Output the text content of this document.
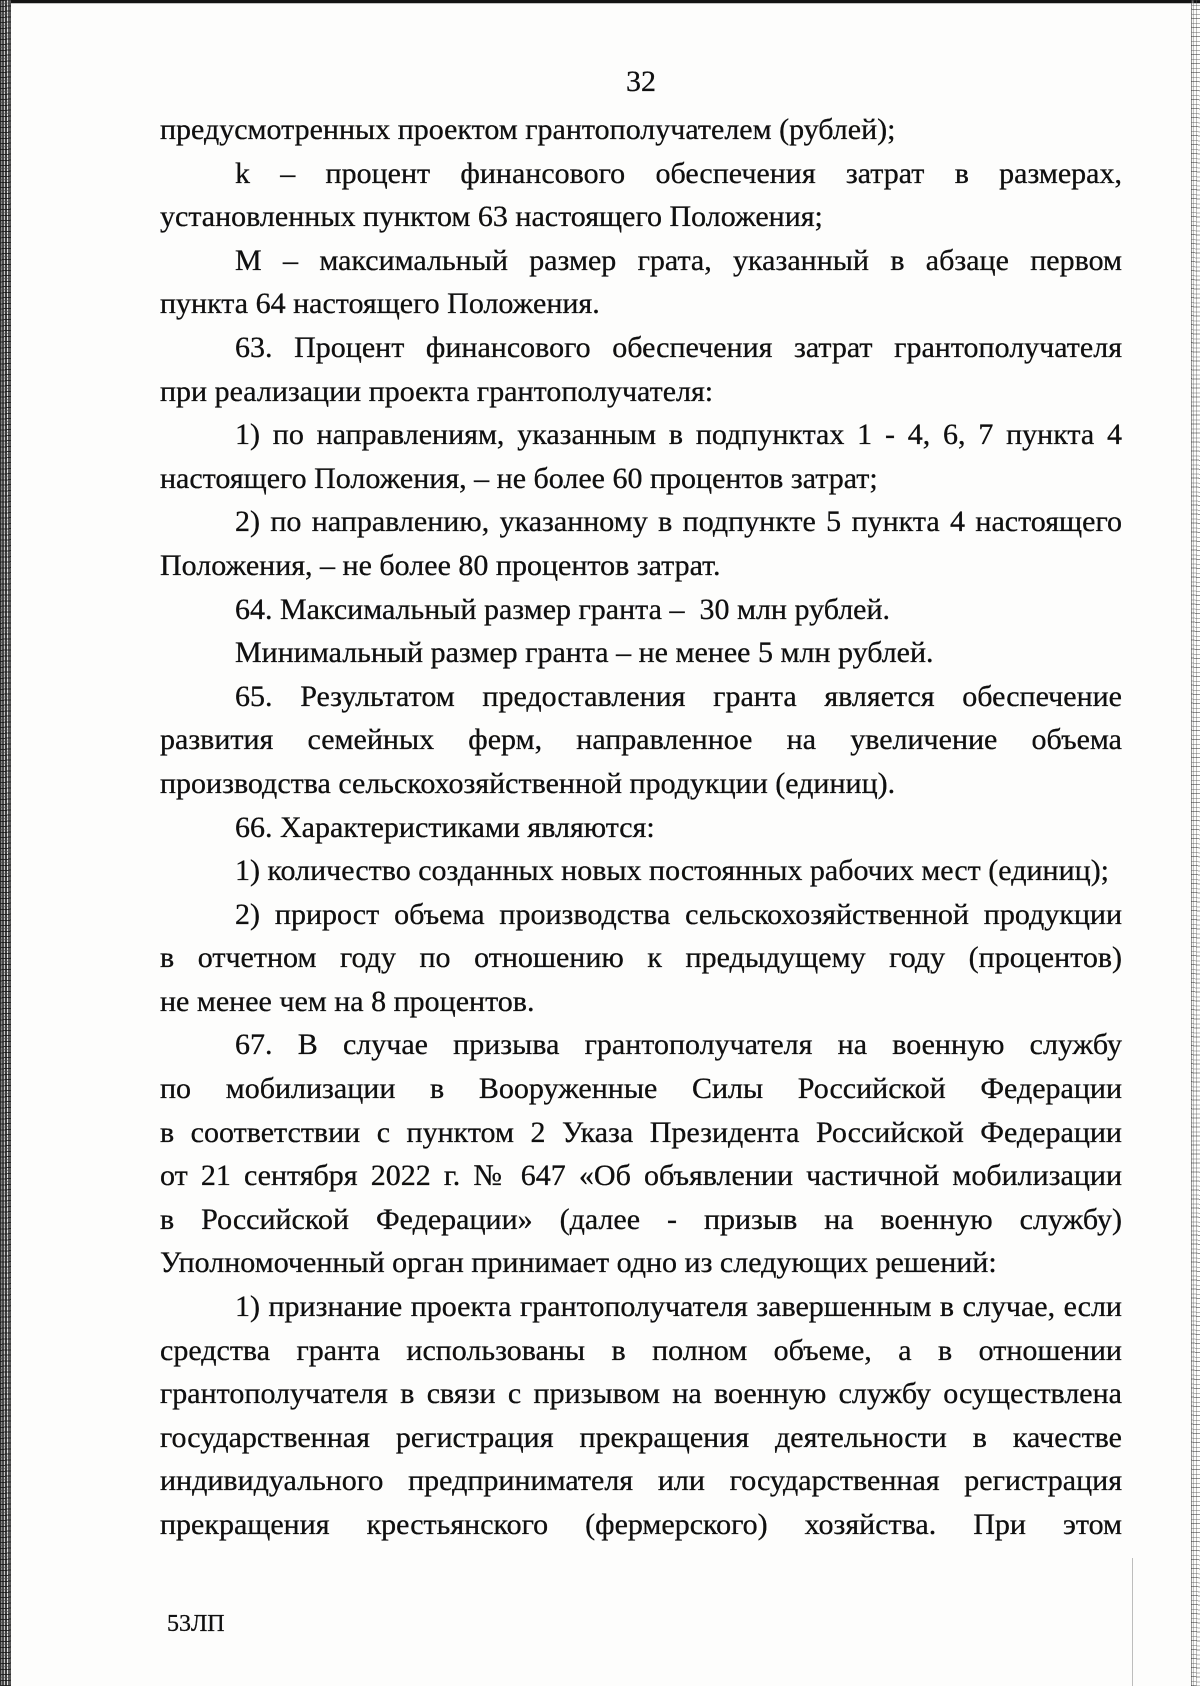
32
предусмотренных проектом грантополучателем (рублей);
k – процент финансового обеспечения затрат в размерах,
установленных пунктом 63 настоящего Положения;
М – максимальный размер грата, указанный в абзаце первом
пункта 64 настоящего Положения.
63. Процент финансового обеспечения затрат грантополучателя
при реализации проекта грантополучателя:
1) по направлениям, указанным в подпунктах 1 - 4, 6, 7 пункта 4
настоящего Положения, – не более 60 процентов затрат;
2) по направлению, указанному в подпункте 5 пункта 4 настоящего
Положения, – не более 80 процентов затрат.
64. Максимальный размер гранта –  30 млн рублей.
Минимальный размер гранта – не менее 5 млн рублей.
65. Результатом предоставления гранта является обеспечение
развития семейных ферм, направленное на увеличение объема
производства сельскохозяйственной продукции (единиц).
66. Характеристиками являются:
1) количество созданных новых постоянных рабочих мест (единиц);
2) прирост объема производства сельскохозяйственной продукции
в отчетном году по отношению к предыдущему году (процентов)
не менее чем на 8 процентов.
67. В случае призыва грантополучателя на военную службу
по мобилизации в Вооруженные Силы Российской Федерации
в соответствии с пунктом 2 Указа Президента Российской Федерации
от 21 сентября 2022 г. № 647 «Об объявлении частичной мобилизации
в Российской Федерации» (далее - призыв на военную службу)
Уполномоченный орган принимает одно из следующих решений:
1) признание проекта грантополучателя завершенным в случае, если
средства гранта использованы в полном объеме, а в отношении
грантополучателя в связи с призывом на военную службу осуществлена
государственная регистрация прекращения деятельности в качестве
индивидуального предпринимателя или государственная регистрация
прекращения крестьянского (фермерского) хозяйства. При этом
53ЛП
